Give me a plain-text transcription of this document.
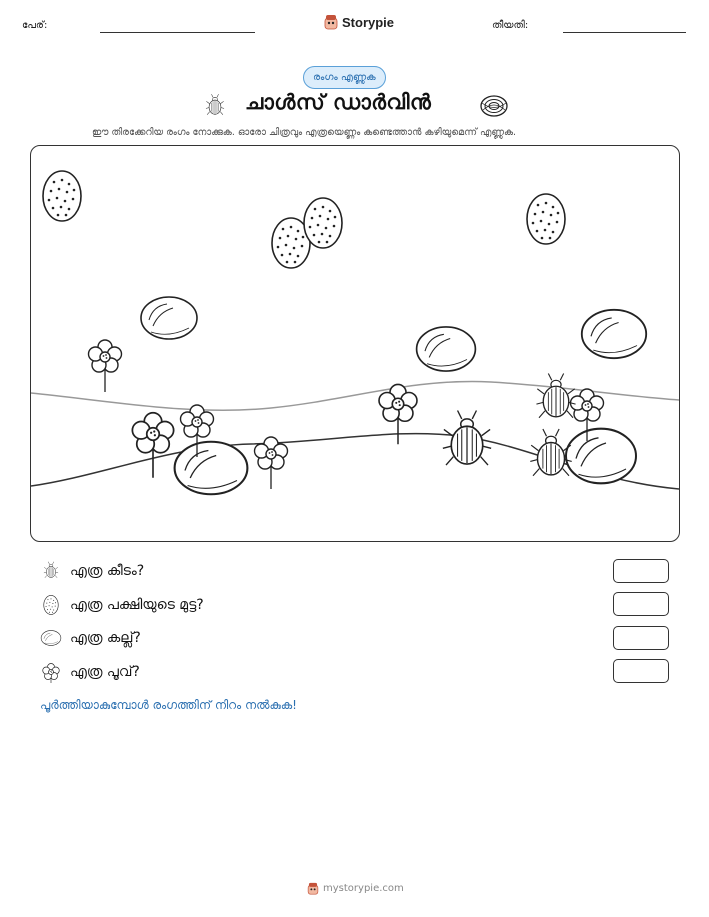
പേര്:	Storypie	തീയതി:
രംഗം എണ്ണുക
ചാൾസ് ഡാർവിൻ
ഈ തിരക്കേറിയ രംഗം നോക്കുക. ഓരോ ചിത്രവും എത്രയെണ്ണം കണ്ടെത്താൻ കഴിയുമെന്ന് എണ്ണുക.
എത്ര കീടം?
എത്ര പക്ഷിയുടെ മുട്ട?
എത്ര കല്ല്?
എത്ര പൂവ്?
പൂർത്തിയാകുമ്പോൾ രംഗത്തിന് നിറം നൽകുക!
mystorypie.com
